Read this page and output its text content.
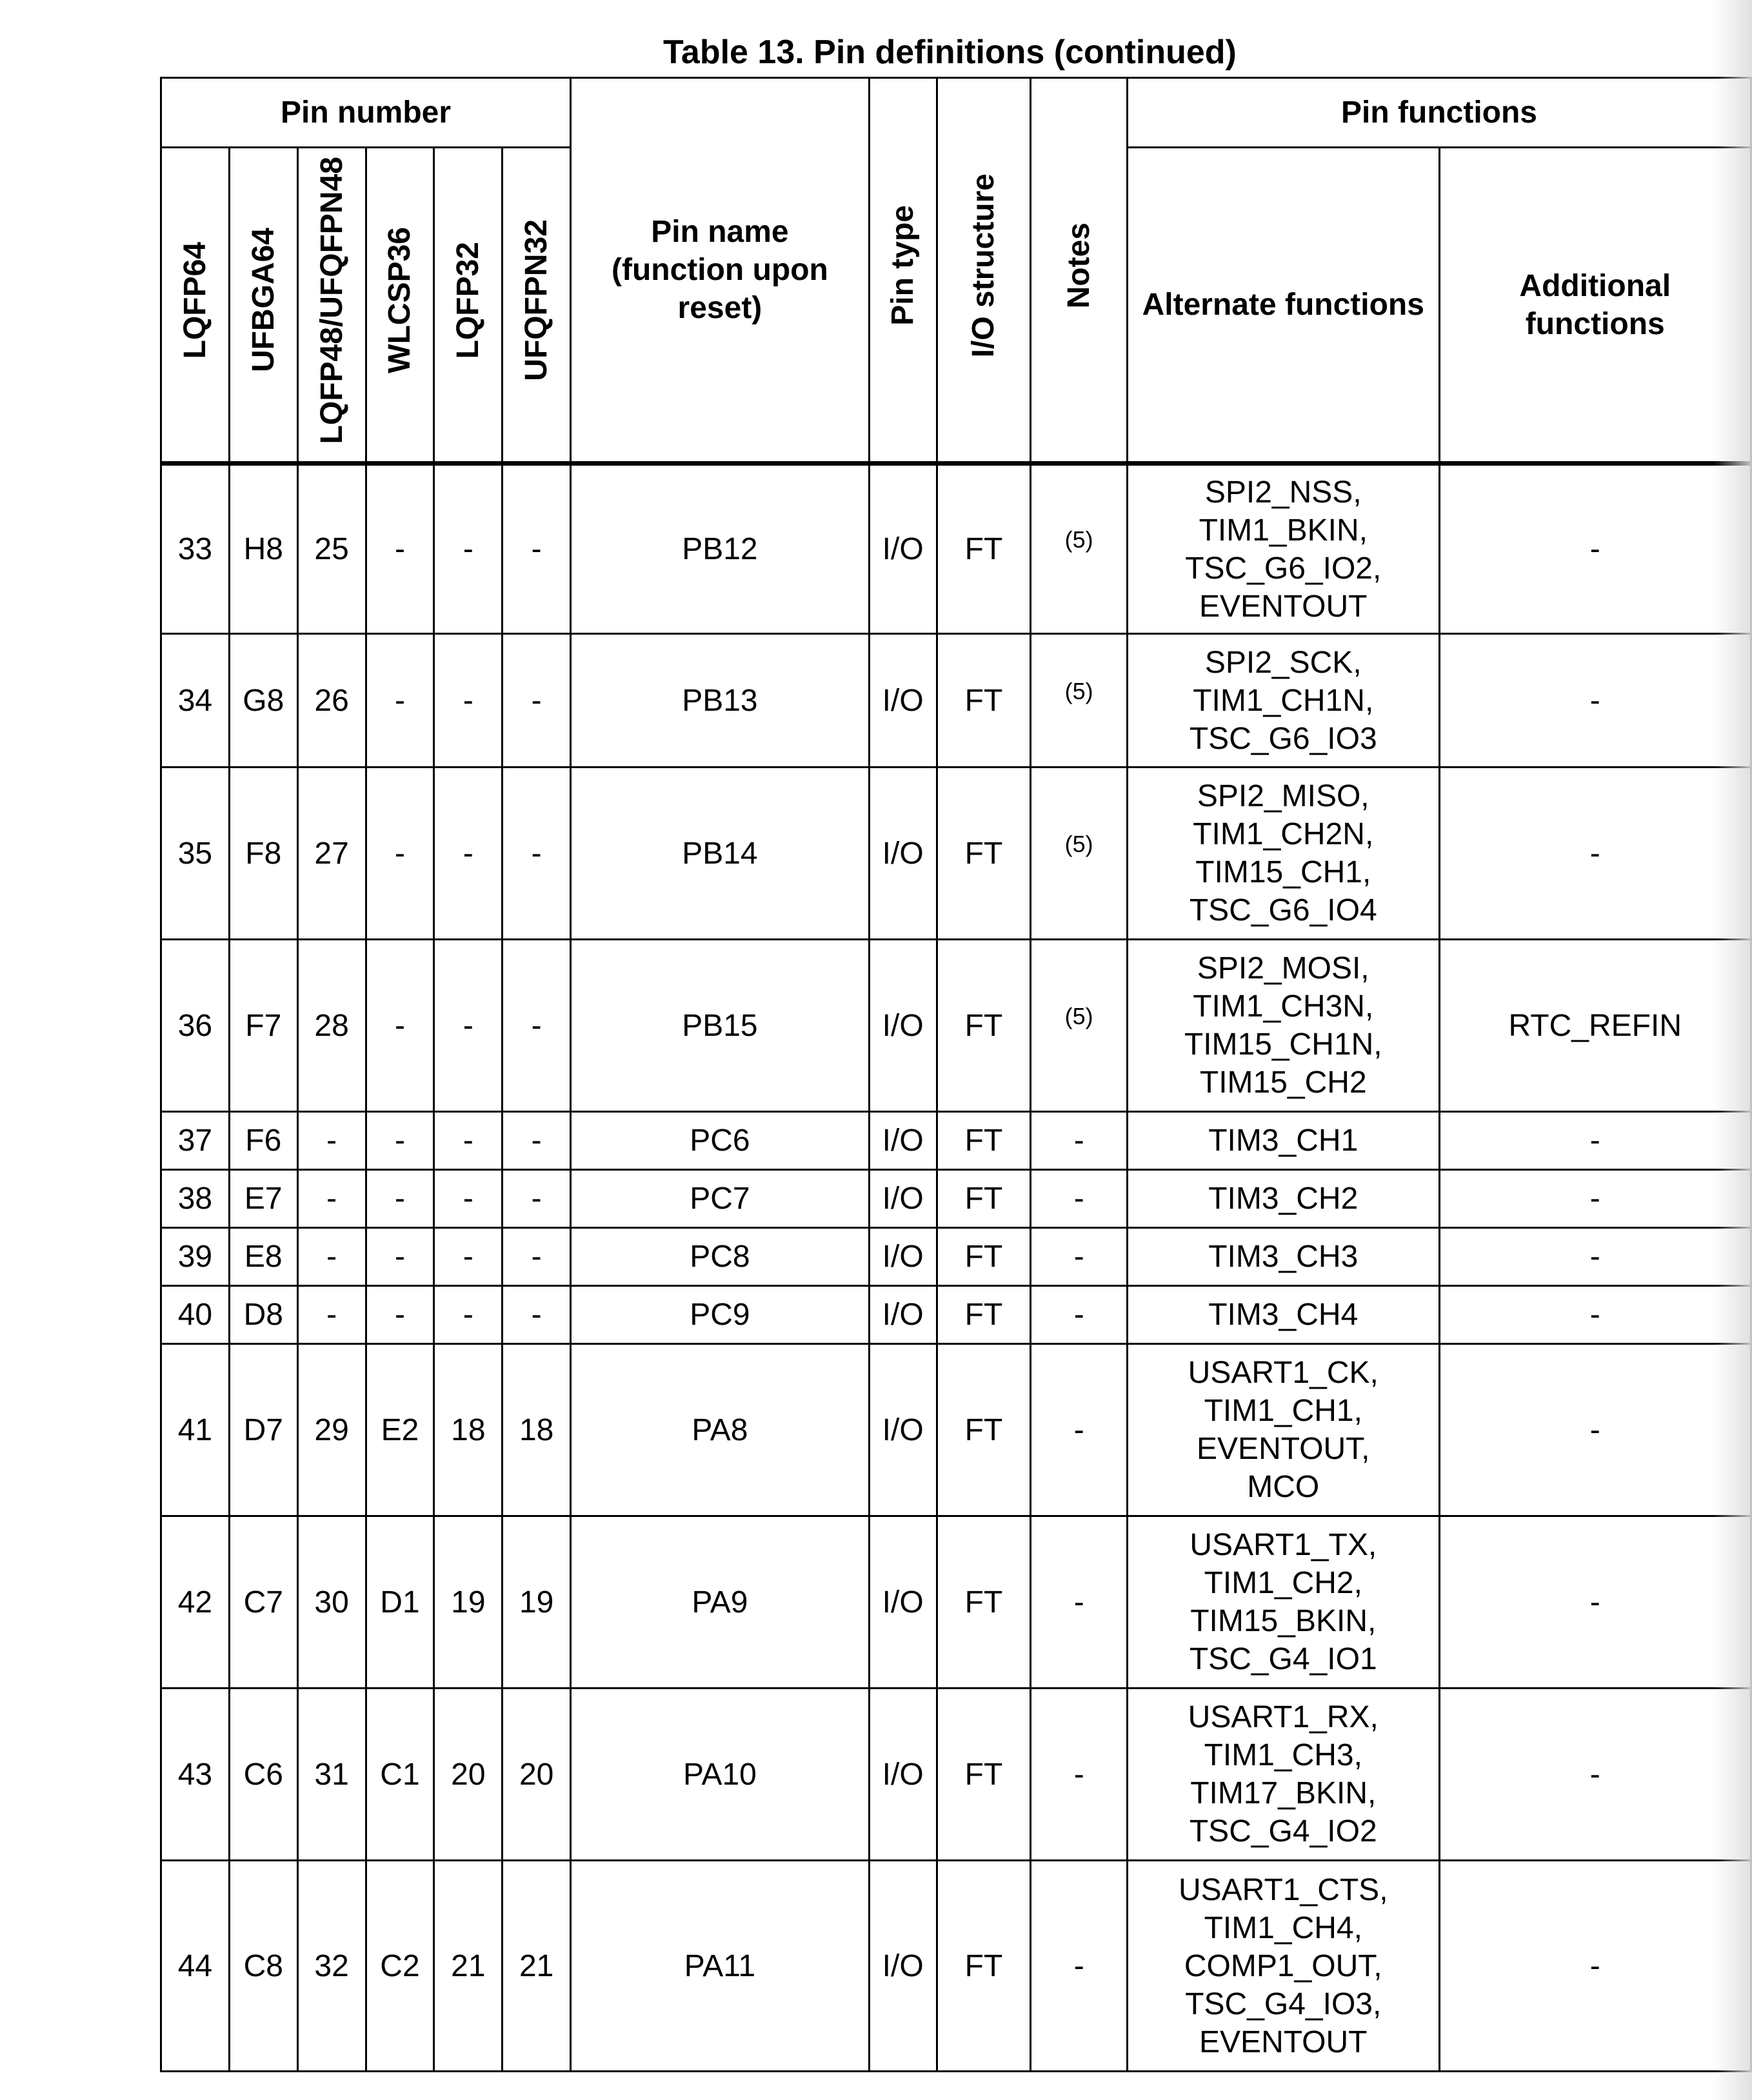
Table 13. Pin definitions (continued)
Pin number						Pin name (function upon reset)	Pin type	I/O structure	Notes	Pin functions	
LQFP64	UFBGA64	LQFP48/UFQFPN48	WLCSP36	LQFP32	UFQFPN32					Alternate functions	Additional functions

33	H8	25	-	-	-	PB12	I/O	FT	$^{(5)}$	SPI2_NSS,
TIM1_BKIN,
TSC_G6_IO2,
EVENTOUT	-
34	G8	26	-	-	-	PB13	I/O	FT	$^{(5)}$	SPI2_SCK,
TIM1_CH1N,
TSC_G6_IO3	-
35	F8	27	-	-	-	PB14	I/O	FT	$^{(5)}$	SPI2_MISO,
TIM1_CH2N,
TIM15_CH1,
TSC_G6_IO4	-
36	F7	28	-	-	-	PB15	I/O	FT	$^{(5)}$	SPI2_MOSI,
TIM1_CH3N,
TIM15_CH1N,
TIM15_CH2	RTC_REFIN
37	F6	-	-	-	-	PC6	I/O	FT	-	TIM3_CH1	-
38	E7	-	-	-	-	PC7	I/O	FT	-	TIM3_CH2	-
39	E8	-	-	-	-	PC8	I/O	FT	-	TIM3_CH3	-
40	D8	-	-	-	-	PC9	I/O	FT	-	TIM3_CH4	-
41	D7	29	E2	18	18	PA8	I/O	FT	-	USART1_CK,
TIM1_CH1,
EVENTOUT,
MCO	-
42	C7	30	D1	19	19	PA9	I/O	FT	-	USART1_TX,
TIM1_CH2,
TIM15_BKIN,
TSC_G4_IO1	-
43	C6	31	C1	20	20	PA10	I/O	FT	-	USART1_RX,
TIM1_CH3,
TIM17_BKIN,
TSC_G4_IO2	-
44	C8	32	C2	21	21	PA11	I/O	FT	-	USART1_CTS,
TIM1_CH4,
COMP1_OUT,
TSC_G4_IO3,
EVENTOUT	-
